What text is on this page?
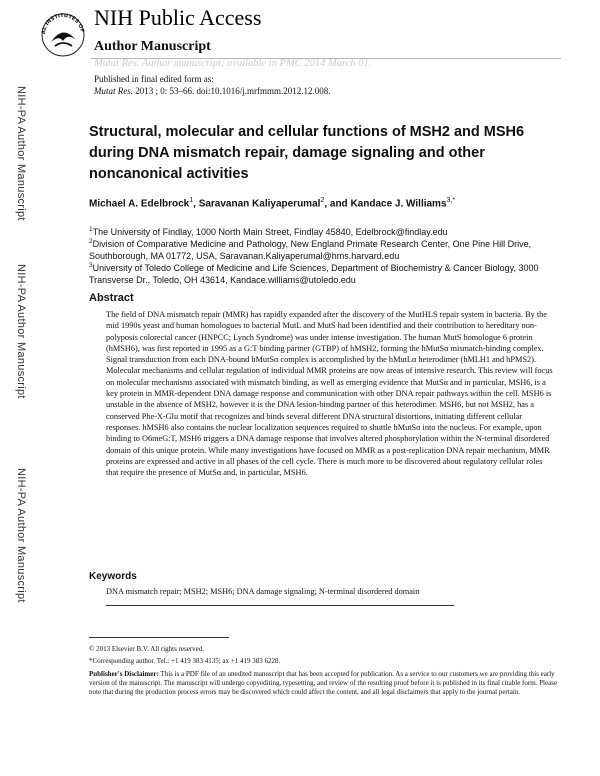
AL INSTITUTES OF
NIH Public Access
Author Manuscript
Mutat Res. Author manuscript; available in PMC 2014 March 01.
Published in final edited form as:
Mutat Res. 2013 ; 0: 53–66. doi:10.1016/j.mrfmmm.2012.12.008.
NIH-PA Author Manuscript
NIH-PA Author Manuscript
NIH-PA Author Manuscript
Structural, molecular and cellular functions of MSH2 and MSH6 during DNA mismatch repair, damage signaling and other noncanonical activities
Michael A. Edelbrock$^1$, Saravanan Kaliyaperumal$^2$, and Kandace J. Williams$^{3,*}$
$^1$The University of Findlay, 1000 North Main Street, Findlay 45840, Edelbrock@findlay.edu
$^2$Division of Comparative Medicine and Pathology, New England Primate Research Center, One Pine Hill Drive, Southborough, MA 01772, USA, Saravanan.Kaliyaperumal@hms.harvard.edu
$^3$University of Toledo College of Medicine and Life Sciences, Department of Biochemistry & Cancer Biology, 3000 Transverse Dr., Toledo, OH 43614, Kandace.williams@utoledo.edu
Abstract

The field of DNA mismatch repair (MMR) has rapidly expanded after the discovery of the MutHLS repair system in bacteria. By the mid 1990s yeast and human homologues to bacterial MutL and MutS had been identified and their contribution to hereditary non-polyposis colorectal cancer (HNPCC; Lynch Syndrome) was under intense investigation. The human MutS homologue 6 protein (hMSH6), was first reported in 1995 as a G:T binding partner (GTBP) of hMSH2, forming the hMutSα mismatch-binding complex. Signal transduction from each DNA-bound hMutSα complex is accomplished by the hMutLα heterodimer (hMLH1 and hPMS2). Molecular mechanisms and cellular regulation of individual MMR proteins are now areas of intensive research. This review will focus on molecular mechanisms associated with mismatch binding, as well as emerging evidence that MutSα and in particular, MSH6, is a key protein in MMR-dependent DNA damage response and communication with other DNA repair pathways within the cell. MSH6 is unstable in the absence of MSH2, however it is the DNA lesion-binding partner of this heterodimer. MSH6, but not MSH2, has a conserved Phe-X-Glu motif that recognizes and binds several different DNA structural distortions, initiating different cellular responses. hMSH6 also contains the nuclear localization sequences required to shuttle hMutSα into the nucleus. For example, upon binding to O6meG:T, MSH6 triggers a DNA damage response that involves altered phosphorylation within the N-terminal disordered domain of this unique protein. While many investigations have focused on MMR as a post-replication DNA repair mechanism, MMR proteins are expressed and active in all phases of the cell cycle. There is much more to be discovered about regulatory cellular roles that require the presence of MutSα and, in particular, MSH6.

Keywords
DNA mismatch repair; MSH2; MSH6; DNA damage signaling; N-terminal disordered domain
© 2013 Elsevier B.V. All rights reserved.
*Corresponding author. Tel.: +1 419 383 4135; ax +1 419 383 6228.
Publisher's Disclaimer: This is a PDF file of an unedited manuscript that has been accepted for publication. As a service to our customers we are providing this early version of the manuscript. The manuscript will undergo copyediting, typesetting, and review of the resulting proof before it is published in its final citable form. Please note that during the production process errors may be discovered which could affect the content, and all legal disclaimers that apply to the journal pertain.
